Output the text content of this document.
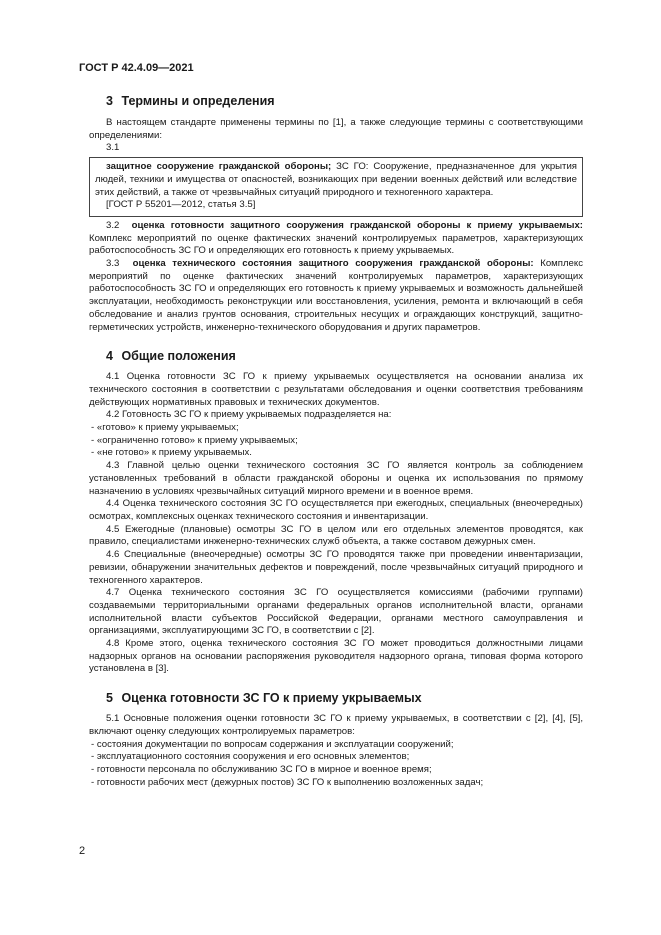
ГОСТ Р 42.4.09—2021
3 Термины и определения

В настоящем стандарте применены термины по [1], а также следующие термины с соответствующими определениями:

3.1

защитное сооружение гражданской обороны; ЗС ГО: Сооружение, предназначенное для укрытия людей, техники и имущества от опасностей, возникающих при ведении военных действий или вследствие этих действий, а также от чрезвычайных ситуаций природного и техногенного характера.

[ГОСТ Р 55201—2012, статья 3.5]

3.2 оценка готовности защитного сооружения гражданской обороны к приему укрываемых: Комплекс мероприятий по оценке фактических значений контролируемых параметров, характеризующих работоспособность ЗС ГО и определяющих его готовность к приему укрываемых.

3.3 оценка технического состояния защитного сооружения гражданской обороны: Комплекс мероприятий по оценке фактических значений контролируемых параметров, характеризующих работоспособность ЗС ГО и определяющих его готовность к приему укрываемых и возможность дальнейшей эксплуатации, необходимость реконструкции или восстановления, усиления, ремонта и включающий в себя обследование и анализ грунтов основания, строительных несущих и ограждающих конструкций, защитно-герметических устройств, инженерно-технического оборудования и других параметров.

4 Общие положения

4.1 Оценка готовности ЗС ГО к приему укрываемых осуществляется на основании анализа их технического состояния в соответствии с результатами обследования и оценки соответствия требованиям действующих нормативных правовых и технических документов.

4.2 Готовность ЗС ГО к приему укрываемых подразделяется на:

- «готово» к приему укрываемых;

- «ограниченно готово» к приему укрываемых;

- «не готово» к приему укрываемых.

4.3 Главной целью оценки технического состояния ЗС ГО является контроль за соблюдением установленных требований в области гражданской обороны и оценка их использования по прямому назначению в условиях чрезвычайных ситуаций мирного времени и в военное время.

4.4 Оценка технического состояния ЗС ГО осуществляется при ежегодных, специальных (внеочередных) осмотрах, комплексных оценках технического состояния и инвентаризации.

4.5 Ежегодные (плановые) осмотры ЗС ГО в целом или его отдельных элементов проводятся, как правило, специалистами инженерно-технических служб объекта, а также составом дежурных смен.

4.6 Специальные (внеочередные) осмотры ЗС ГО проводятся также при проведении инвентаризации, ревизии, обнаружении значительных дефектов и повреждений, после чрезвычайных ситуаций природного и техногенного характеров.

4.7 Оценка технического состояния ЗС ГО осуществляется комиссиями (рабочими группами) создаваемыми территориальными органами федеральных органов исполнительной власти, органами исполнительной власти субъектов Российской Федерации, органами местного самоуправления и организациями, эксплуатирующими ЗС ГО, в соответствии с [2].

4.8 Кроме этого, оценка технического состояния ЗС ГО может проводиться должностными лицами надзорных органов на основании распоряжения руководителя надзорного органа, типовая форма которого установлена в [3].

5 Оценка готовности ЗС ГО к приему укрываемых

5.1 Основные положения оценки готовности ЗС ГО к приему укрываемых, в соответствии с [2], [4], [5], включают оценку следующих контролируемых параметров:

- состояния документации по вопросам содержания и эксплуатации сооружений;

- эксплуатационного состояния сооружения и его основных элементов;

- готовности персонала по обслуживанию ЗС ГО в мирное и военное время;

- готовности рабочих мест (дежурных постов) ЗС ГО к выполнению возложенных задач;

2
